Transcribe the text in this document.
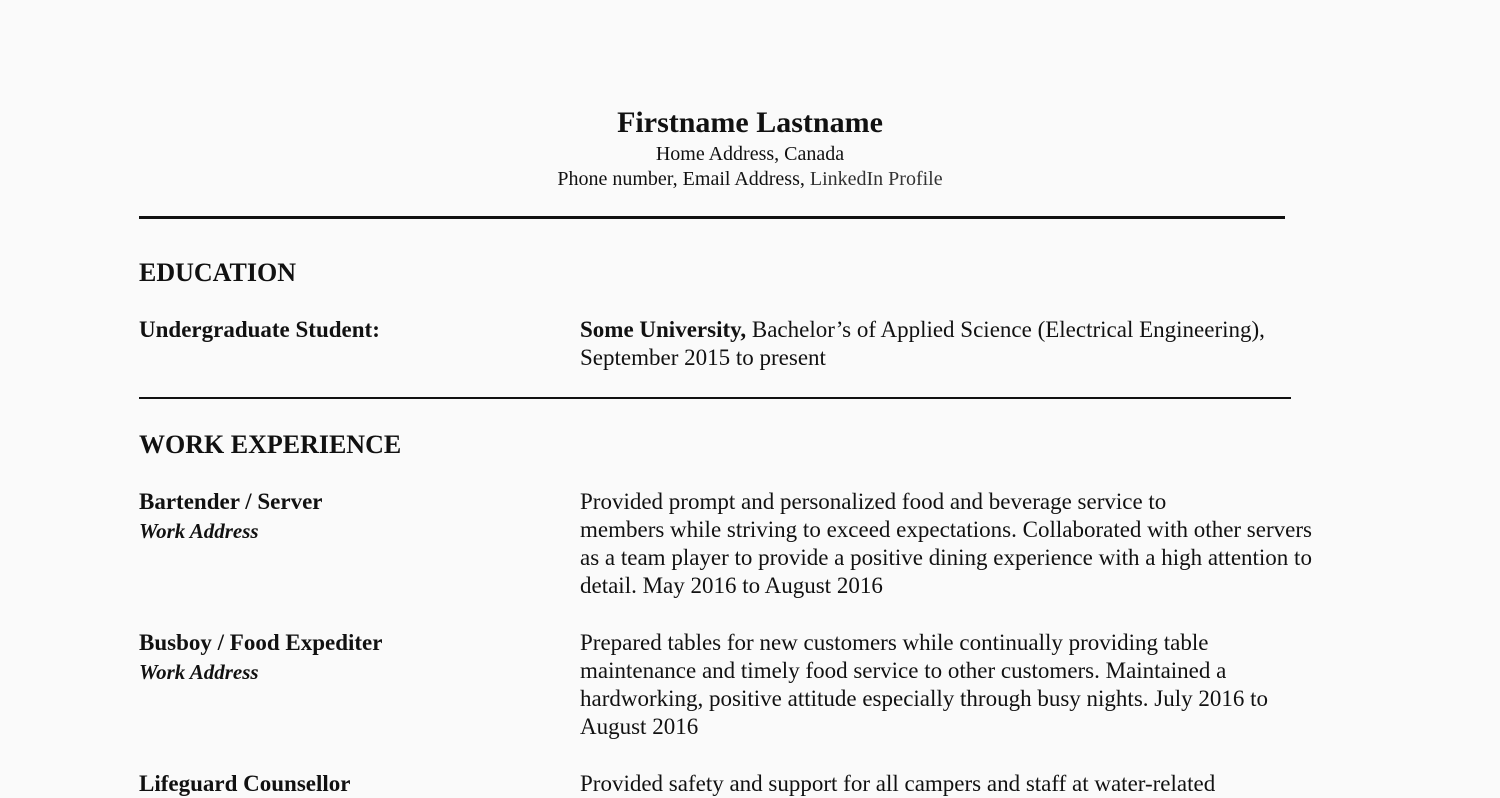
Firstname Lastname
Home Address, Canada
Phone number, Email Address, LinkedIn Profile
EDUCATION
Undergraduate Student:	Some University, Bachelor’s of Applied Science (Electrical Engineering),
September 2015 to present
WORK EXPERIENCE
Bartender / Server
Work Address
Provided prompt and personalized food and beverage service to
members while striving to exceed expectations. Collaborated with other servers
as a team player to provide a positive dining experience with a high attention to
detail. May 2016 to August 2016
Busboy / Food Expediter
Work Address
Prepared tables for new customers while continually providing table
maintenance and timely food service to other customers. Maintained a
hardworking, positive attitude especially through busy nights. July 2016 to
August 2016
Lifeguard Counsellor	Provided safety and support for all campers and staff at water-related
